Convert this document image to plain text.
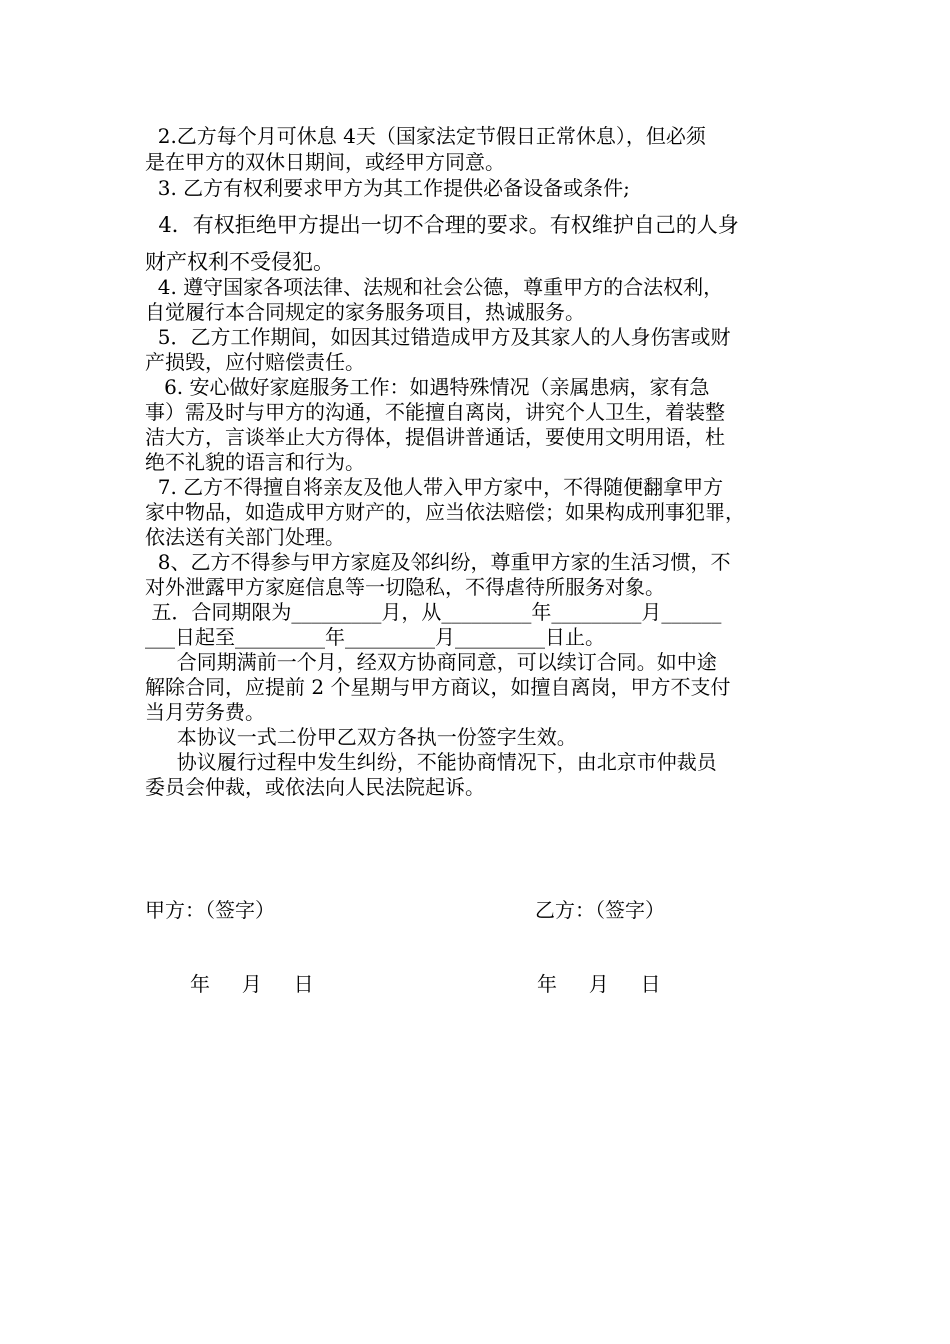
2.乙方每个月可休息 4天（国家法定节假日正常休息），但必须
是在甲方的双休日期间，或经甲方同意。
3. 乙方有权利要求甲方为其工作提供必备设备或条件;
4．有权拒绝甲方提出一切不合理的要求。有权维护自己的人身
财产权利不受侵犯。
4. 遵守国家各项法律、法规和社会公德，尊重甲方的合法权利，
自觉履行本合同规定的家务服务项目，热诚服务。
5．乙方工作期间，如因其过错造成甲方及其家人的人身伤害或财
产损毁，应付赔偿责任。
6. 安心做好家庭服务工作：如遇特殊情况（亲属患病，家有急
事）需及时与甲方的沟通，不能擅自离岗，讲究个人卫生，着装整
洁大方，言谈举止大方得体，提倡讲普通话，要使用文明用语，杜
绝不礼貌的语言和行为。
7. 乙方不得擅自将亲友及他人带入甲方家中，不得随便翻拿甲方
家中物品，如造成甲方财产的，应当依法赔偿；如果构成刑事犯罪，
依法送有关部门处理。
8、乙方不得参与甲方家庭及邻纠纷，尊重甲方家的生活习惯，不
对外泄露甲方家庭信息等一切隐私，不得虐待所服务对象。
五．合同期限为_________月，从_________年_________月______
___日起至_________年_________月_________日止。
合同期满前一个月，经双方协商同意，可以续订合同。如中途
解除合同，应提前 2 个星期与甲方商议，如擅自离岗，甲方不支付
当月劳务费。
本协议一式二份甲乙双方各执一份签字生效。
协议履行过程中发生纠纷，不能协商情况下，由北京市仲裁员
委员会仲裁，或依法向人民法院起诉。
甲方：（签字）	乙方：（签字）
年     月     日	年     月     日
